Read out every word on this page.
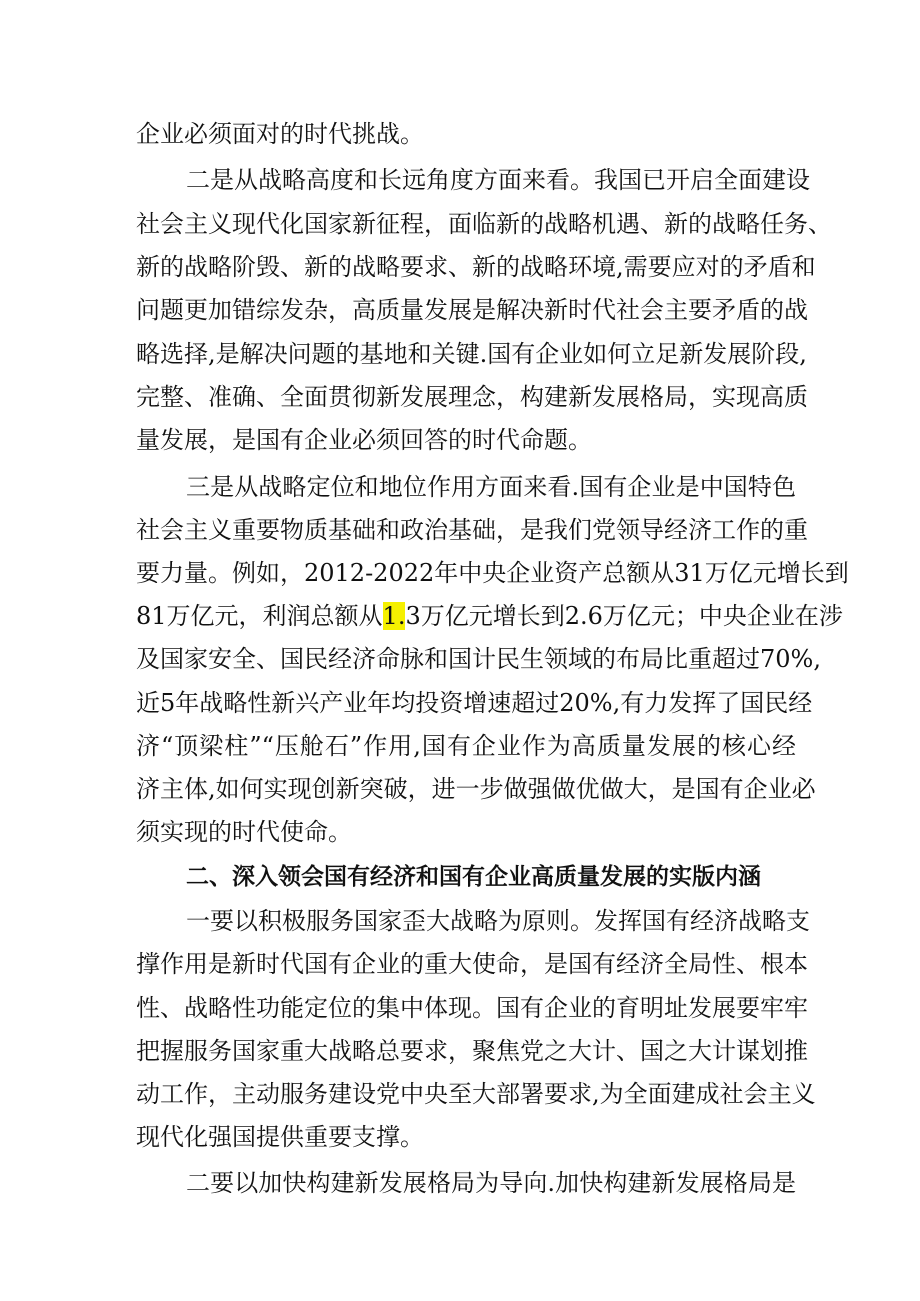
企业必须面对的时代挑战。
二是从战略高度和长远角度方面来看。我国已开启全面建设
社会主义现代化国家新征程，面临新的战略机遇、新的战略任务、
新的战略阶毁、新的战略要求、新的战略环境,需要应对的矛盾和
问题更加错综发杂，高质量发展是解决新时代社会主要矛盾的战
略选择,是解决问题的基地和关键.国有企业如何立足新发展阶段,
完整、准确、全面贯彻新发展理念，构建新发展格局，实现高质
量发展，是国有企业必须回答的时代命题。
三是从战略定位和地位作用方面来看.国有企业是中国特色
社会主义重要物质基础和政治基础，是我们党领导经济工作的重
要力量。例如，2012-2022年中央企业资产总额从31万亿元增长到
81万亿元，利润总额从1.3万亿元增长到2.6万亿元；中央企业在涉
及国家安全、国民经济命脉和国计民生领域的布局比重超过70%,
近5年战略性新兴产业年均投资增速超过20%,有力发挥了国民经
济“顶梁柱”“压舱石”作用,国有企业作为高质量发展的核心经
济主体,如何实现创新突破，进一步做强做优做大，是国有企业必
须实现的时代使命。
二、深入领会国有经济和国有企业高质量发展的实版内涵
一要以积极服务国家歪大战略为原则。发挥国有经济战略支
撑作用是新时代国有企业的重大使命，是国有经济全局性、根本
性、战略性功能定位的集中体现。国有企业的育明址发展要牢牢
把握服务国家重大战略总要求，聚焦党之大计、国之大计谋划推
动工作，主动服务建设党中央至大部署要求,为全面建成社会主义
现代化强国提供重要支撑。
二要以加快构建新发展格局为导向.加快构建新发展格局是
